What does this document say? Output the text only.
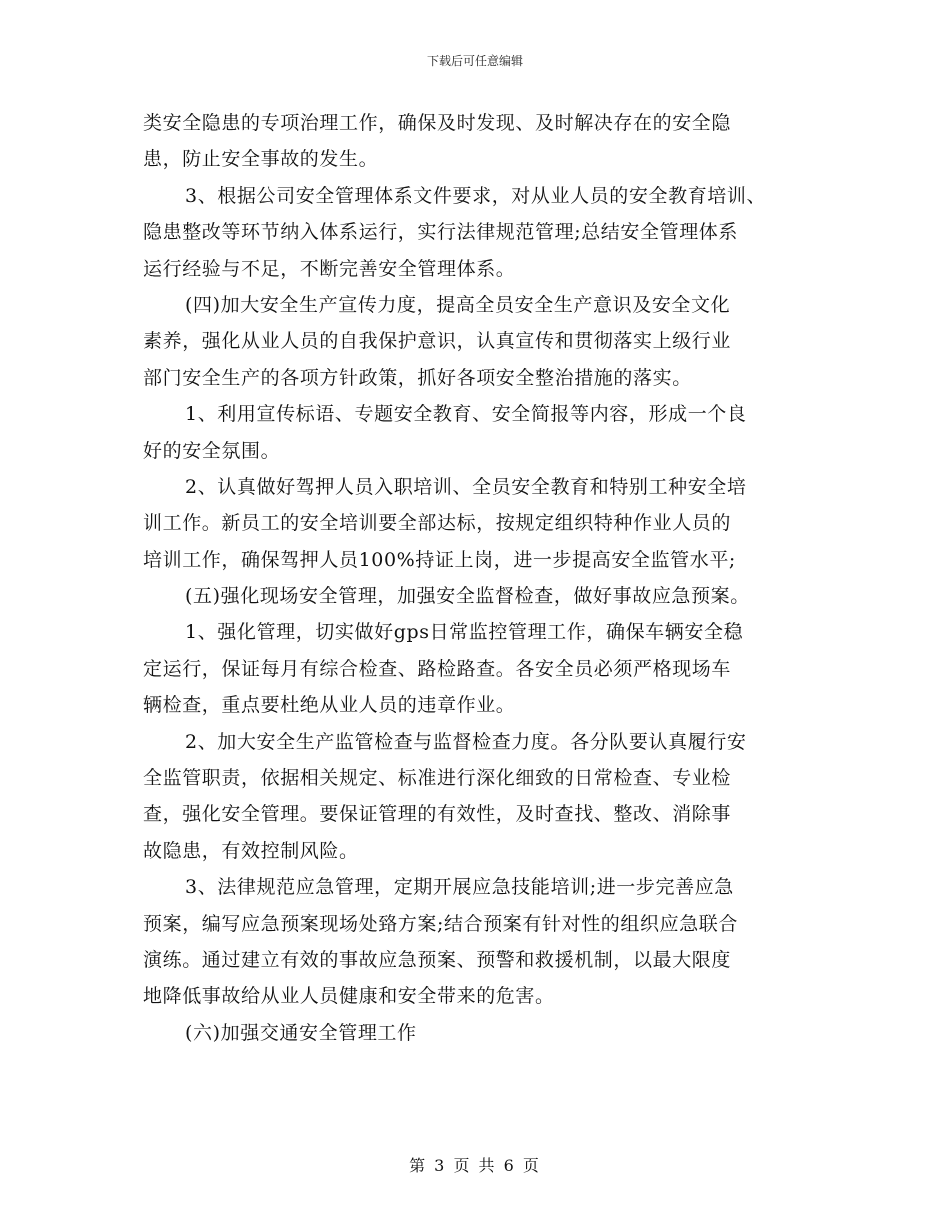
下载后可任意编辑
类安全隐患的专项治理工作，确保及时发现、及时解决存在的安全隐
患，防止安全事故的发生。
3、根据公司安全管理体系文件要求，对从业人员的安全教育培训、
隐患整改等环节纳入体系运行，实行法律规范管理;总结安全管理体系
运行经验与不足，不断完善安全管理体系。
(四)加大安全生产宣传力度，提高全员安全生产意识及安全文化
素养，强化从业人员的自我保护意识，认真宣传和贯彻落实上级行业
部门安全生产的各项方针政策，抓好各项安全整治措施的落实。
1、利用宣传标语、专题安全教育、安全简报等内容，形成一个良
好的安全氛围。
2、认真做好驾押人员入职培训、全员安全教育和特别工种安全培
训工作。新员工的安全培训要全部达标，按规定组织特种作业人员的
培训工作，确保驾押人员100%持证上岗，进一步提高安全监管水平;
(五)强化现场安全管理，加强安全监督检查，做好事故应急预案。
1、强化管理，切实做好gps日常监控管理工作，确保车辆安全稳
定运行，保证每月有综合检查、路检路查。各安全员必须严格现场车
辆检查，重点要杜绝从业人员的违章作业。
2、加大安全生产监管检查与监督检查力度。各分队要认真履行安
全监管职责，依据相关规定、标准进行深化细致的日常检查、专业检
查，强化安全管理。要保证管理的有效性，及时查找、整改、消除事
故隐患，有效控制风险。
3、法律规范应急管理，定期开展应急技能培训;进一步完善应急
预案，编写应急预案现场处臵方案;结合预案有针对性的组织应急联合
演练。通过建立有效的事故应急预案、预警和救援机制，以最大限度
地降低事故给从业人员健康和安全带来的危害。
(六)加强交通安全管理工作
第 3 页 共 6 页
